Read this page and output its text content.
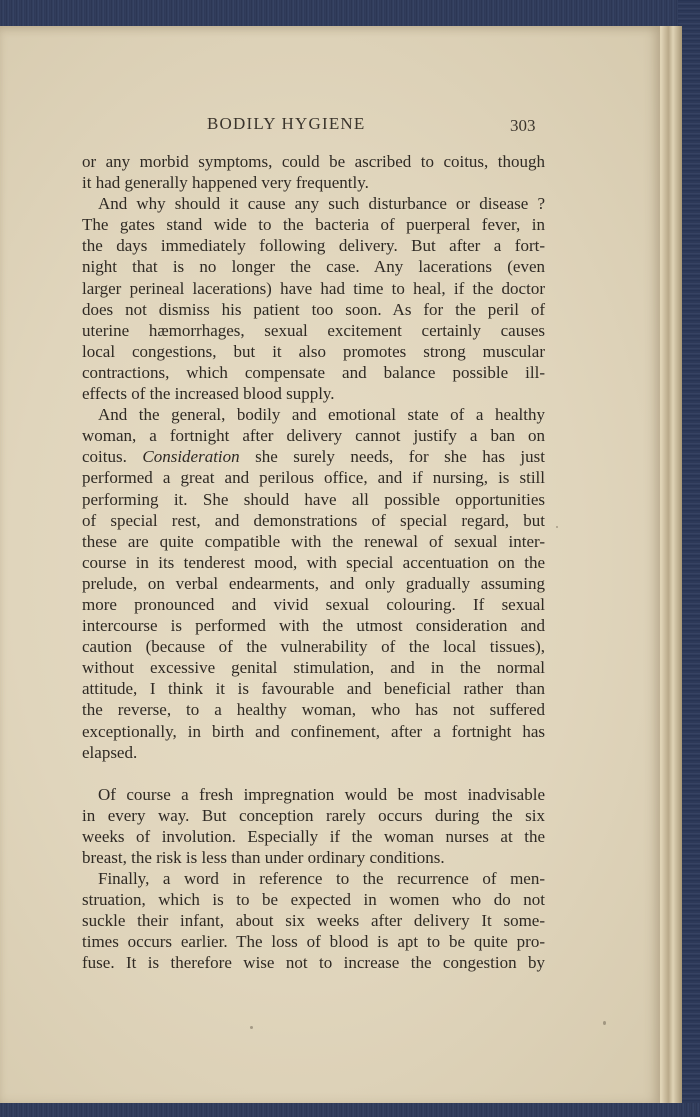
BODILY HYGIENE	303
or any morbid symptoms, could be ascribed to coitus, though
it had generally happened very frequently.
And why should it cause any such disturbance or disease ?
The gates stand wide to the bacteria of puerperal fever, in
the days immediately following delivery. But after a fort-
night that is no longer the case. Any lacerations (even
larger perineal lacerations) have had time to heal, if the doctor
does not dismiss his patient too soon. As for the peril of
uterine hæmorrhages, sexual excitement certainly causes
local congestions, but it also promotes strong muscular
contractions, which compensate and balance possible ill-
effects of the increased blood supply.
And the general, bodily and emotional state of a healthy
woman, a fortnight after delivery cannot justify a ban on
coitus. Consideration she surely needs, for she has just
performed a great and perilous office, and if nursing, is still
performing it. She should have all possible opportunities
of special rest, and demonstrations of special regard, but
these are quite compatible with the renewal of sexual inter-
course in its tenderest mood, with special accentuation on the
prelude, on verbal endearments, and only gradually assuming
more pronounced and vivid sexual colouring. If sexual
intercourse is performed with the utmost consideration and
caution (because of the vulnerability of the local tissues),
without excessive genital stimulation, and in the normal
attitude, I think it is favourable and beneficial rather than
the reverse, to a healthy woman, who has not suffered
exceptionally, in birth and confinement, after a fortnight has
elapsed.
Of course a fresh impregnation would be most inadvisable
in every way. But conception rarely occurs during the six
weeks of involution. Especially if the woman nurses at the
breast, the risk is less than under ordinary conditions.
Finally, a word in reference to the recurrence of men-
struation, which is to be expected in women who do not
suckle their infant, about six weeks after delivery It some-
times occurs earlier. The loss of blood is apt to be quite pro-
fuse. It is therefore wise not to increase the congestion by
